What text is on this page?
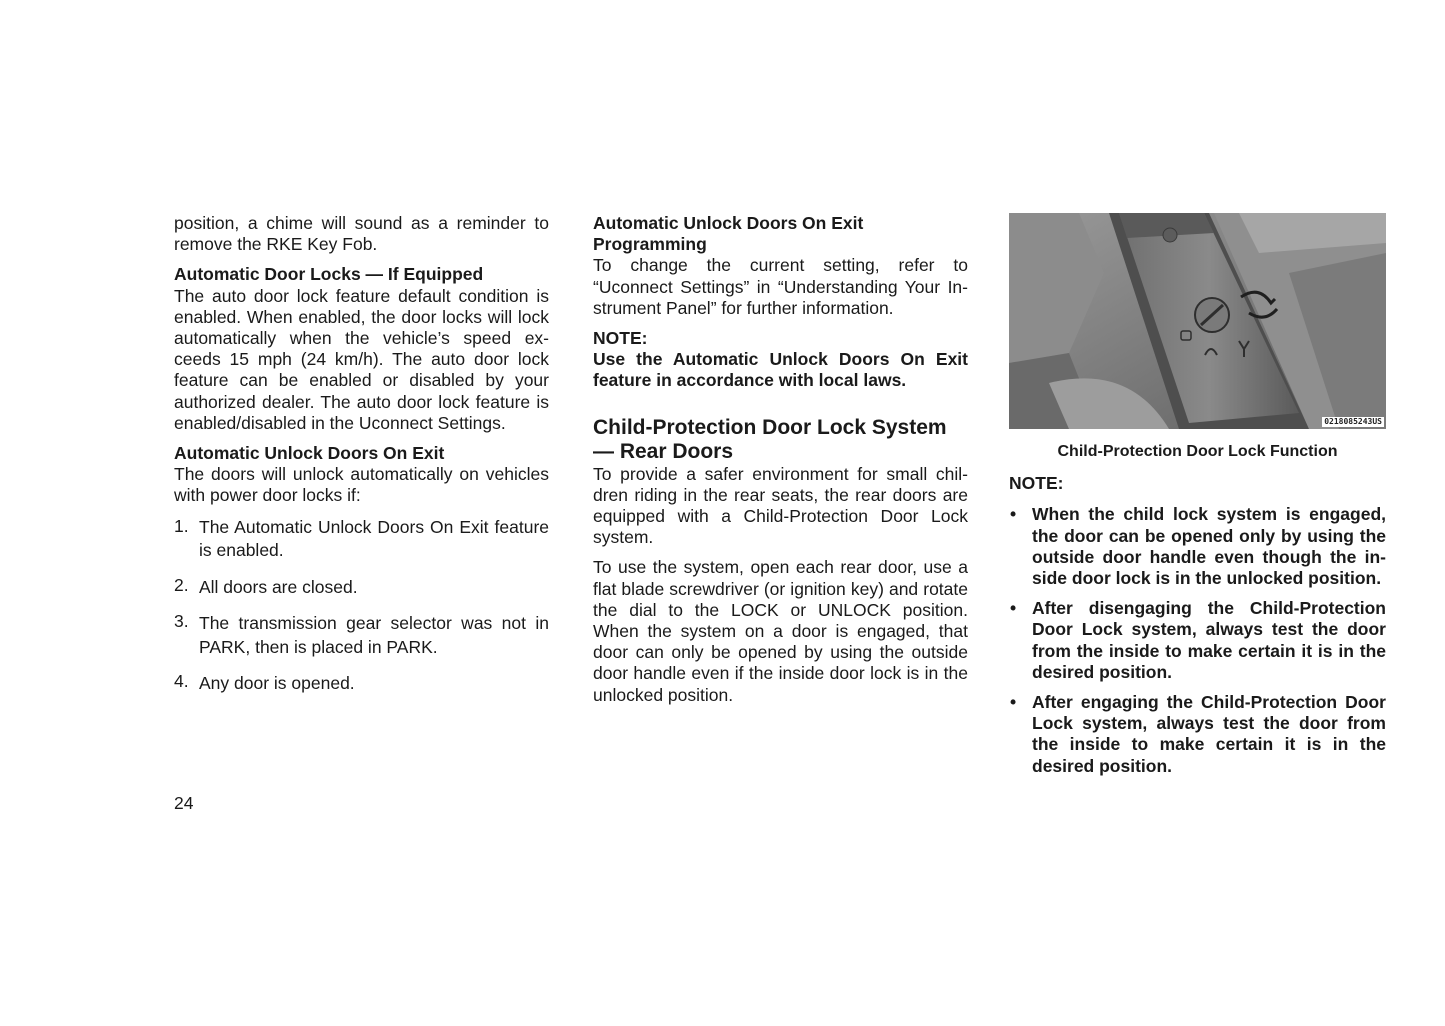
position, a chime will sound as a reminder to remove the RKE Key Fob.

Automatic Door Locks — If Equipped

The auto door lock feature default condition is enabled. When enabled, the door locks will lock automatically when the vehicle’s speed ex-ceeds 15 mph (24 km/h). The auto door lock feature can be enabled or disabled by your authorized dealer. The auto door lock feature is enabled/disabled in the Uconnect Settings.

Automatic Unlock Doors On Exit

The doors will unlock automatically on vehicles with power door locks if:

1. The Automatic Unlock Doors On Exit feature is enabled.
2. All doors are closed.
3. The transmission gear selector was not in PARK, then is placed in PARK.
4. Any door is opened.
Automatic Unlock Doors On Exit
Programming

To change the current setting, refer to “Uconnect Settings” in “Understanding Your In-strument Panel” for further information.

NOTE:

Use the Automatic Unlock Doors On Exit feature in accordance with local laws.

Child-Protection Door Lock System
— Rear Doors

To provide a safer environment for small chil-dren riding in the rear seats, the rear doors are equipped with a Child-Protection Door Lock system.

To use the system, open each rear door, use a flat blade screwdriver (or ignition key) and rotate the dial to the LOCK or UNLOCK position. When the system on a door is engaged, that door can only be opened by using the outside door handle even if the inside door lock is in the unlocked position.

0218085243US
Child-Protection Door Lock Function
NOTE:
• When the child lock system is engaged, the door can be opened only by using the outside door handle even though the in-side door lock is in the unlocked position.
• After disengaging the Child-Protection Door Lock system, always test the door from the inside to make certain it is in the desired position.
• After engaging the Child-Protection Door Lock system, always test the door from the inside to make certain it is in the desired position.
24
